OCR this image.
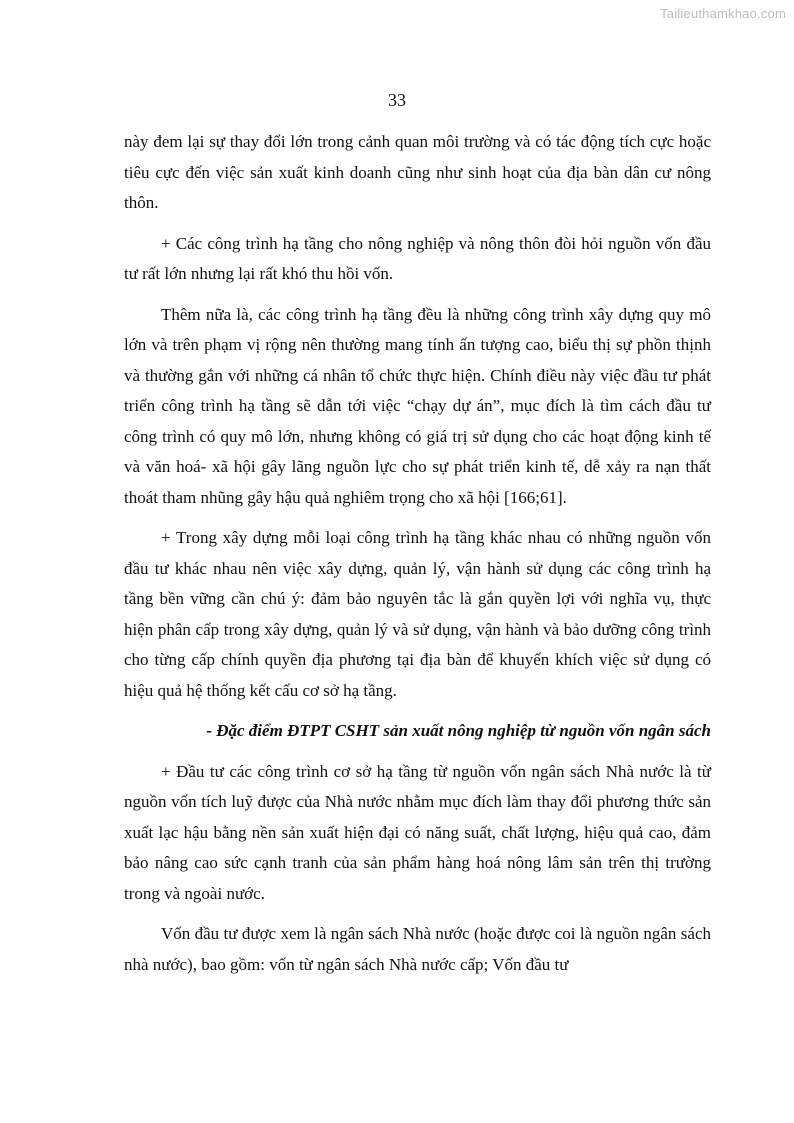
Tailieuthamkhao.com
33

này đem lại sự thay đổi lớn trong cảnh quan môi trường và có tác động tích cực hoặc tiêu cực đến việc sản xuất kinh doanh cũng như sinh hoạt của địa bàn dân cư nông thôn.

+ Các công trình hạ tầng cho nông nghiệp và nông thôn đòi hỏi nguồn vốn đầu tư rất lớn nhưng lại rất khó thu hồi vốn.

Thêm nữa là, các công trình hạ tầng đều là những công trình xây dựng quy mô lớn và trên phạm vị rộng nên thường mang tính ấn tượng cao, biểu thị sự phồn thịnh và thường gắn với những cá nhân tổ chức thực hiện. Chính điều này việc đầu tư phát triển công trình hạ tầng sẽ dẫn tới việc “chạy dự án”, mục đích là tìm cách đầu tư công trình có quy mô lớn, nhưng không có giá trị sử dụng cho các hoạt động kinh tế và văn hoá- xã hội gây lãng nguồn lực cho sự phát triển kinh tế, dễ xảy ra nạn thất thoát tham nhũng gây hậu quả nghiêm trọng cho xã hội [166;61].

+ Trong xây dựng mỗi loại công trình hạ tầng khác nhau có những nguồn vốn đầu tư khác nhau nên việc xây dựng, quản lý, vận hành sử dụng các công trình hạ tầng bền vững cần chú ý: đảm bảo nguyên tắc là gắn quyền lợi với nghĩa vụ, thực hiện phân cấp trong xây dựng, quản lý và sử dụng, vận hành và bảo dưỡng công trình cho từng cấp chính quyền địa phương tại địa bàn để khuyến khích việc sử dụng có hiệu quả hệ thống kết cấu cơ sở hạ tầng.

- Đặc điểm ĐTPT CSHT sản xuất nông nghiệp từ nguồn vốn ngân sách

+ Đầu tư các công trình cơ sở hạ tầng từ nguồn vốn ngân sách Nhà nước là từ nguồn vốn tích luỹ được của Nhà nước nhằm mục đích làm thay đổi phương thức sản xuất lạc hậu bằng nền sản xuất hiện đại có năng suất, chất lượng, hiệu quả cao, đảm bảo nâng cao sức cạnh tranh của sản phẩm hàng hoá nông lâm sản trên thị trường trong và ngoài nước.

Vốn đầu tư được xem là ngân sách Nhà nước (hoặc được coi là nguồn ngân sách nhà nước), bao gồm: vốn từ ngân sách Nhà nước cấp; Vốn đầu tư
